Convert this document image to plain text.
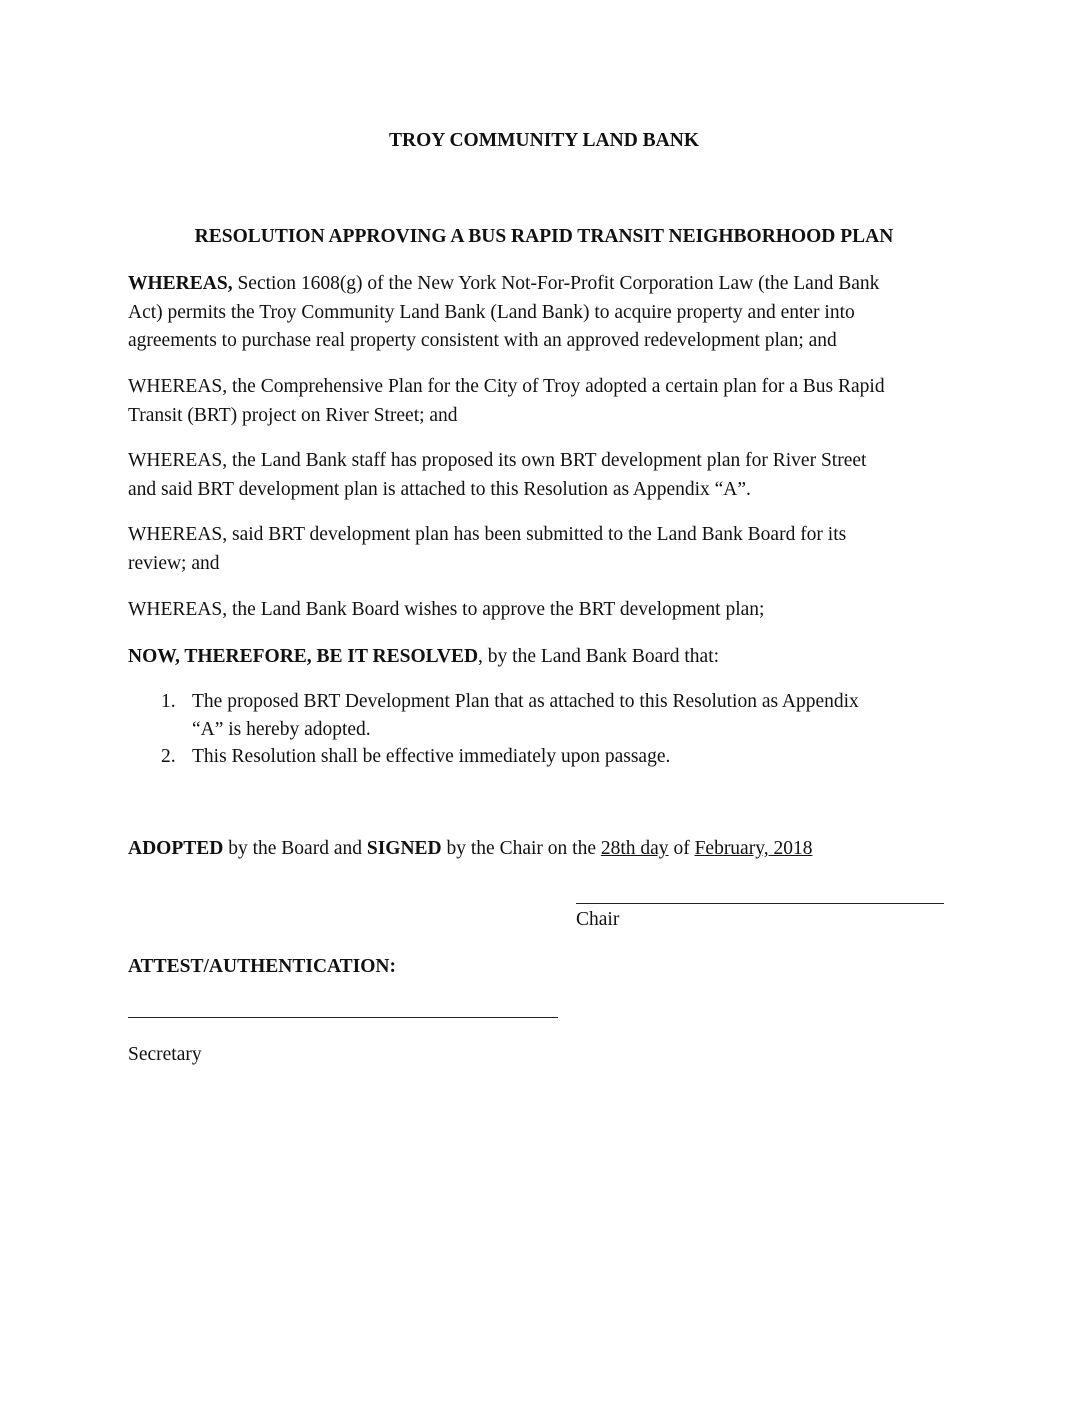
TROY COMMUNITY LAND BANK
RESOLUTION APPROVING A BUS RAPID TRANSIT NEIGHBORHOOD PLAN
WHEREAS, Section 1608(g) of the New York Not-For-Profit Corporation Law (the Land Bank
Act) permits the Troy Community Land Bank (Land Bank) to acquire property and enter into
agreements to purchase real property consistent with an approved redevelopment plan; and
WHEREAS, the Comprehensive Plan for the City of Troy adopted a certain plan for a Bus Rapid
Transit (BRT) project on River Street; and
WHEREAS, the Land Bank staff has proposed its own BRT development plan for River Street
and said BRT development plan is attached to this Resolution as Appendix “A”.
WHEREAS, said BRT development plan has been submitted to the Land Bank Board for its
review; and
WHEREAS, the Land Bank Board wishes to approve the BRT development plan;
NOW, THEREFORE, BE IT RESOLVED, by the Land Bank Board that:
1. The proposed BRT Development Plan that as attached to this Resolution as Appendix
“A” is hereby adopted.
2. This Resolution shall be effective immediately upon passage.
ADOPTED by the Board and SIGNED by the Chair on the 28th day of February, 2018
Chair
ATTEST/AUTHENTICATION:
Secretary
